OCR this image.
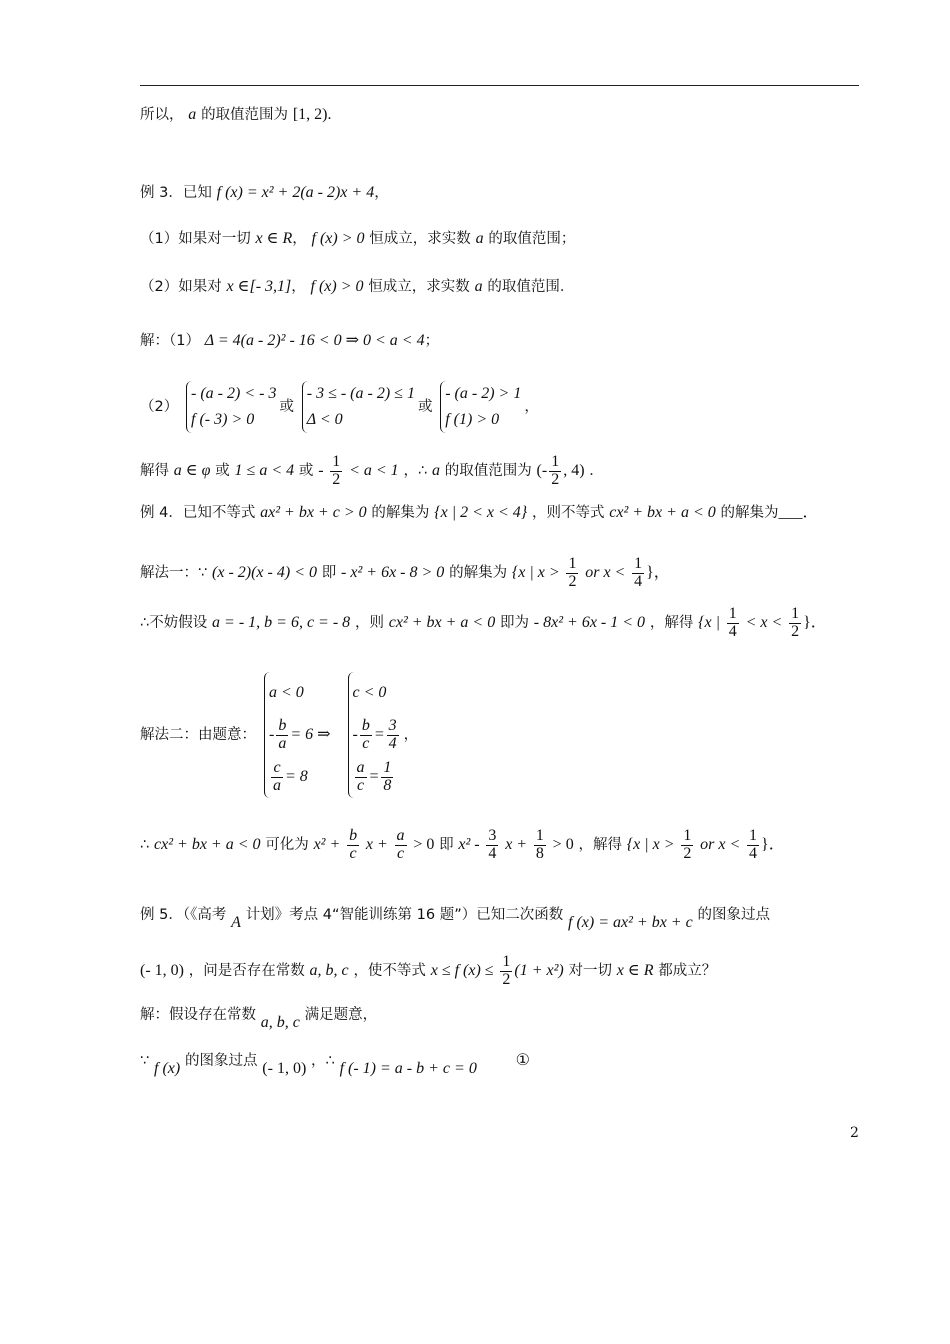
所以， a 的取值范围为 [1, 2).
例 3．已知 f (x) = x² + 2(a - 2)x + 4，
（1）如果对一切 x ∈ R， f (x) > 0 恒成立，求实数 a 的取值范围；
（2）如果对 x ∈[- 3,1]， f (x) > 0 恒成立，求实数 a 的取值范围．
解：（1） Δ = 4(a - 2)² - 16 < 0 ⇒ 0 < a < 4；
（2）
- (a - 2) < - 3
f (- 3) > 0
或
- 3 ≤ - (a - 2) ≤ 1
Δ < 0
或
- (a - 2) > 1
f (1) > 0
，
解得 a ∈ φ 或 1 ≤ a < 4 或 - $\frac{1}{2} < a < 1$ ，∴ a 的取值范围为 (- $\frac{1}{2}$ , 4) ．
例 4．已知不等式 ax² + bx + c > 0 的解集为 {x | 2 < x < 4} ，则不等式 cx² + bx + a < 0 的解集为___．
解法一：∵ (x - 2)(x - 4) < 0 即 - x² + 6x - 8 > 0 的解集为 {x | $x > \frac{1}{2}$ or $x < \frac{1}{4}$ }，
∴不妨假设 a = - 1, b = 6, c = - 8 ，则 cx² + bx + a < 0 即为 - 8x² + 6x - 1 < 0 ，解得 {x | $\frac{1}{4} < x < \frac{1}{2}$ }．
解法二：由题意：
a < 0
- $\frac{b}{a} = 6$ ⇒
$\frac{c}{a} = 8$
c < 0
- $\frac{b}{c} = \frac{3}{4}$
$\frac{a}{c} = \frac{1}{8}$
，
∴ cx² + bx + a < 0 可化为 $x^2 + \frac{b}{c}$ $x + \frac{a}{c} > 0$ 即 $x^2 - \frac{3}{4}$ $x + \frac{1}{8} > 0$ ，解得 {x | $x > \frac{1}{2}$ or $x < \frac{1}{4}$ }．
例 5．（《高考 A 计划》考点 4“智能训练第 16 题”）已知二次函数 f (x) = ax² + bx + c 的图象过点
(- 1, 0) ，问是否存在常数 a, b, c ，使不等式 x ≤ f $(x) \le \frac{1}{2} (1 + x^2)$ 对一切 x ∈ R 都成立？
解：假设存在常数 a, b, c 满足题意，
∵ f (x) 的图象过点 (- 1, 0) ，∴ f (- 1) = a - b + c = 0 ①
2
